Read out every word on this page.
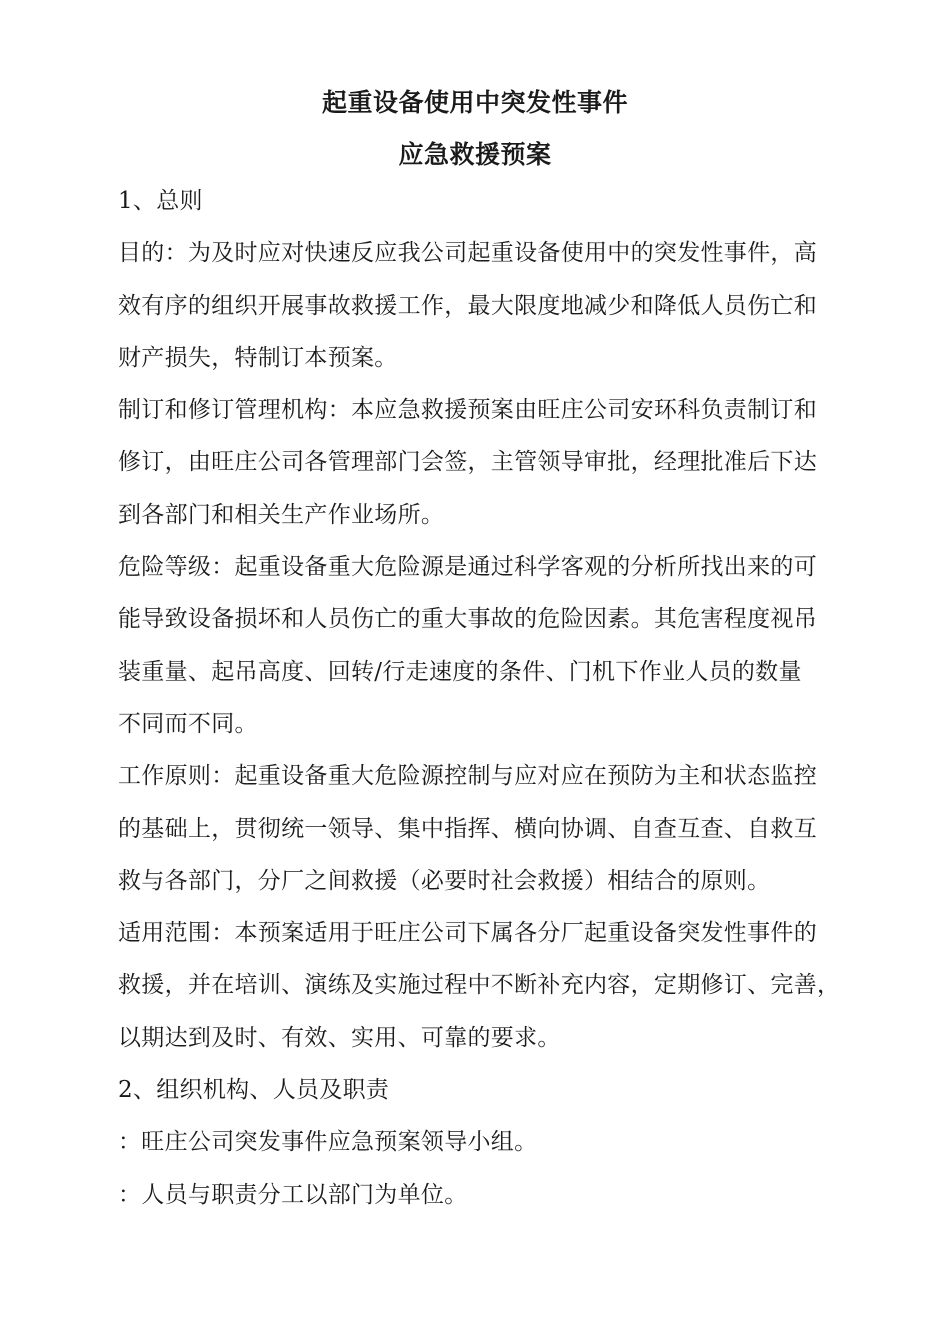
起重设备使用中突发性事件
应急救援预案
1、总则
目的：为及时应对快速反应我公司起重设备使用中的突发性事件，高
效有序的组织开展事故救援工作，最大限度地减少和降低人员伤亡和
财产损失，特制订本预案。
制订和修订管理机构：本应急救援预案由旺庄公司安环科负责制订和
修订，由旺庄公司各管理部门会签，主管领导审批，经理批准后下达
到各部门和相关生产作业场所。
危险等级：起重设备重大危险源是通过科学客观的分析所找出来的可
能导致设备损坏和人员伤亡的重大事故的危险因素。其危害程度视吊
装重量、起吊高度、回转/行走速度的条件、门机下作业人员的数量
不同而不同。
工作原则：起重设备重大危险源控制与应对应在预防为主和状态监控
的基础上，贯彻统一领导、集中指挥、横向协调、自查互查、自救互
救与各部门，分厂之间救援（必要时社会救援）相结合的原则。
适用范围：本预案适用于旺庄公司下属各分厂起重设备突发性事件的
救援，并在培训、演练及实施过程中不断补充内容，定期修订、完善，
以期达到及时、有效、实用、可靠的要求。
2、组织机构、人员及职责
：旺庄公司突发事件应急预案领导小组。
：人员与职责分工以部门为单位。
